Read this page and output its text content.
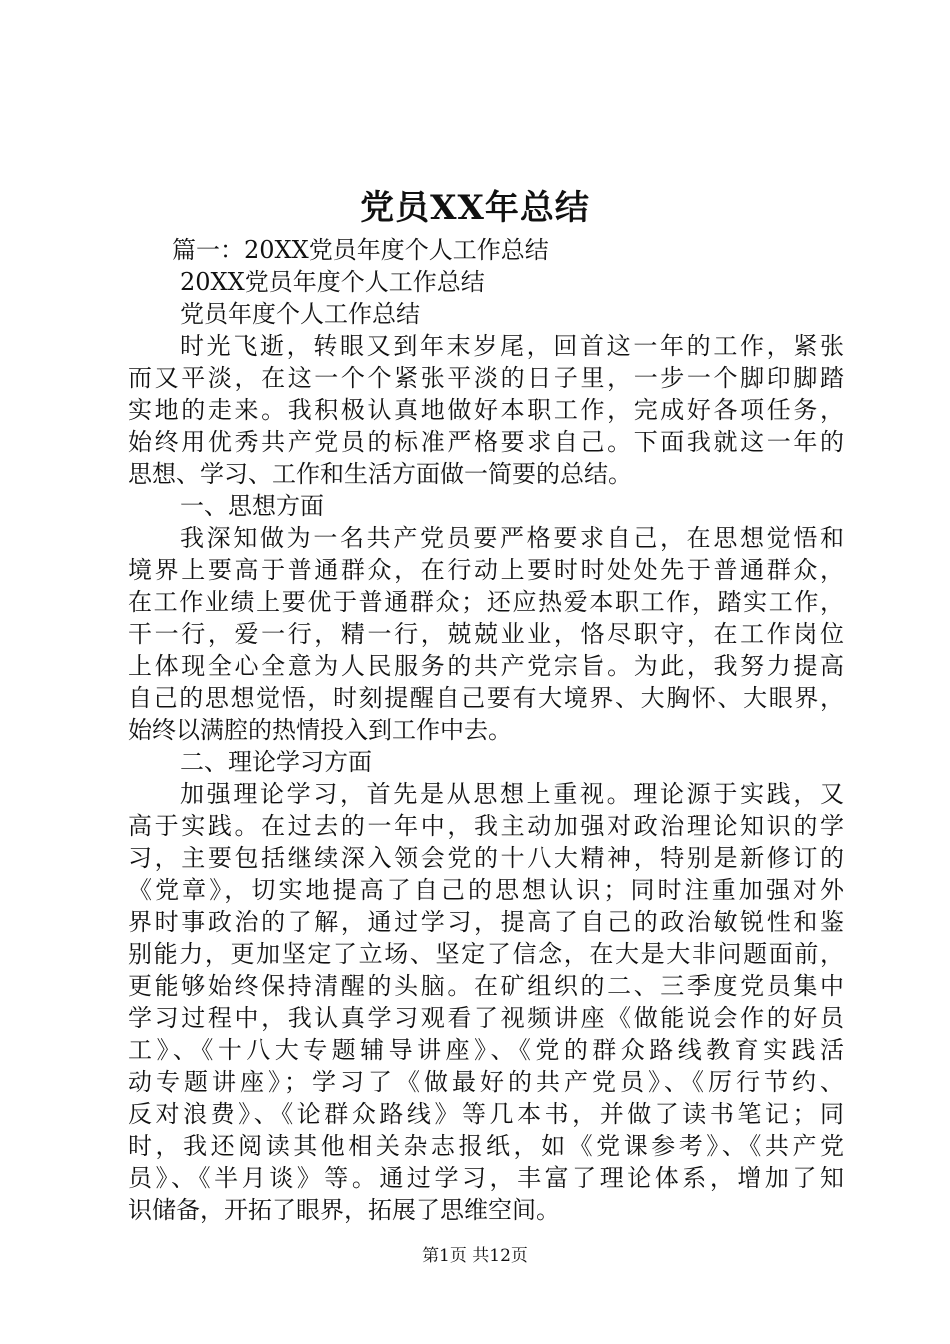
党员XX年总结
篇一：20XX党员年度个人工作总结
20XX党员年度个人工作总结
党员年度个人工作总结
时光飞逝，转眼又到年末岁尾，回首这一年的工作，紧张
而又平淡，在这一个个紧张平淡的日子里，一步一个脚印脚踏
实地的走来。我积极认真地做好本职工作，完成好各项任务，
始终用优秀共产党员的标准严格要求自己。下面我就这一年的
思想、学习、工作和生活方面做一简要的总结。
一、思想方面
我深知做为一名共产党员要严格要求自己，在思想觉悟和
境界上要高于普通群众，在行动上要时时处处先于普通群众，
在工作业绩上要优于普通群众；还应热爱本职工作，踏实工作，
干一行，爱一行，精一行，兢兢业业，恪尽职守，在工作岗位
上体现全心全意为人民服务的共产党宗旨。为此，我努力提高
自己的思想觉悟，时刻提醒自己要有大境界、大胸怀、大眼界，
始终以满腔的热情投入到工作中去。
二、理论学习方面
加强理论学习，首先是从思想上重视。理论源于实践，又
高于实践。在过去的一年中，我主动加强对政治理论知识的学
习，主要包括继续深入领会党的十八大精神，特别是新修订的
《党章》，切实地提高了自己的思想认识；同时注重加强对外
界时事政治的了解，通过学习，提高了自己的政治敏锐性和鉴
别能力，更加坚定了立场、坚定了信念，在大是大非问题面前，
更能够始终保持清醒的头脑。在矿组织的二、三季度党员集中
学习过程中，我认真学习观看了视频讲座《做能说会作的好员
工》、《十八大专题辅导讲座》、《党的群众路线教育实践活
动专题讲座》；学习了《做最好的共产党员》、《厉行节约、
反对浪费》、《论群众路线》等几本书，并做了读书笔记；同
时，我还阅读其他相关杂志报纸，如《党课参考》、《共产党
员》、《半月谈》等。通过学习，丰富了理论体系，增加了知
识储备，开拓了眼界，拓展了思维空间。
第1页 共12页
